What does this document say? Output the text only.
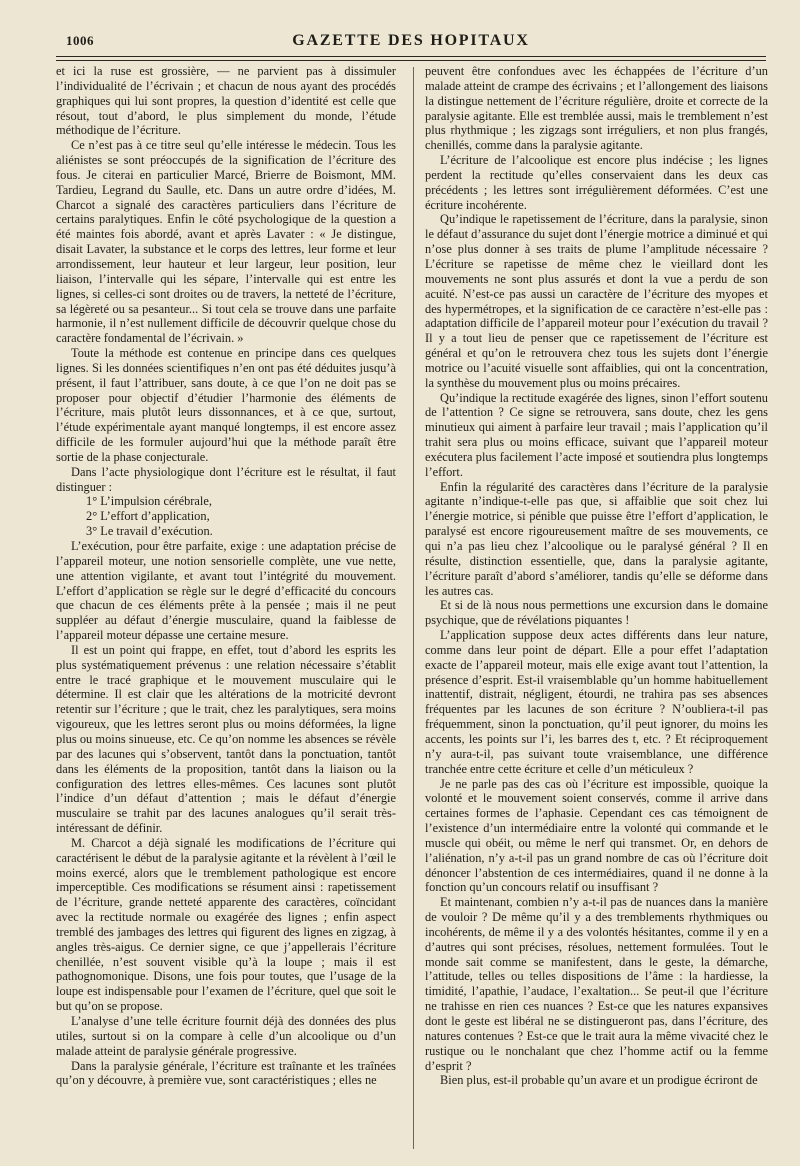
1006	GAZETTE DES HOPITAUX

et ici la ruse est grossière, — ne parvient pas à dissimuler l’individualité de l’écrivain ; et chacun de nous ayant des procédés graphiques qui lui sont propres, la question d’identité est celle que résout, tout d’abord, le plus simplement du monde, l’étude méthodique de l’écriture.

Ce n’est pas à ce titre seul qu’elle intéresse le médecin. Tous les aliénistes se sont préoccupés de la signification de l’écriture des fous. Je citerai en particulier Marcé, Brierre de Boismont, MM. Tardieu, Legrand du Saulle, etc. Dans un autre ordre d’idées, M. Charcot a signalé des caractères particuliers dans l’écriture de certains paralytiques. Enfin le côté psychologique de la question a été maintes fois abordé, avant et après Lavater : « Je distingue, disait Lavater, la substance et le corps des lettres, leur forme et leur arrondissement, leur hauteur et leur largeur, leur position, leur liaison, l’intervalle qui les sépare, l’intervalle qui est entre les lignes, si celles-ci sont droites ou de travers, la netteté de l’écriture, sa légèreté ou sa pesanteur... Si tout cela se trouve dans une parfaite harmonie, il n’est nullement difficile de découvrir quelque chose du caractère fondamental de l’écrivain. »

Toute la méthode est contenue en principe dans ces quelques lignes. Si les données scientifiques n’en ont pas été déduites jusqu’à présent, il faut l’attribuer, sans doute, à ce que l’on ne doit pas se proposer pour objectif d’étudier l’harmonie des éléments de l’écriture, mais plutôt leurs dissonnances, et à ce que, surtout, l’étude expérimentale ayant manqué longtemps, il est encore assez difficile de les formuler aujourd’hui que la méthode paraît être sortie de la phase conjecturale.

Dans l’acte physiologique dont l’écriture est le résultat, il faut distinguer :

1° L’impulsion cérébrale,

2° L’effort d’application,

3° Le travail d’exécution.

L’exécution, pour être parfaite, exige : une adaptation précise de l’appareil moteur, une notion sensorielle complète, une vue nette, une attention vigilante, et avant tout l’intégrité du mouvement. L’effort d’application se règle sur le degré d’efficacité du concours que chacun de ces éléments prête à la pensée ; mais il ne peut suppléer au défaut d’énergie musculaire, quand la faiblesse de l’appareil moteur dépasse une certaine mesure.

Il est un point qui frappe, en effet, tout d’abord les esprits les plus systématiquement prévenus : une relation nécessaire s’établit entre le tracé graphique et le mouvement musculaire qui le détermine. Il est clair que les altérations de la motricité devront retentir sur l’écriture ; que le trait, chez les paralytiques, sera moins vigoureux, que les lettres seront plus ou moins déformées, la ligne plus ou moins sinueuse, etc. Ce qu’on nomme les absences se révèle par des lacunes qui s’observent, tantôt dans la ponctuation, tantôt dans les éléments de la proposition, tantôt dans la liaison ou la configuration des lettres elles-mêmes. Ces lacunes sont plutôt l’indice d’un défaut d’attention ; mais le défaut d’énergie musculaire se trahit par des lacunes analogues qu’il serait très-intéressant de définir.

M. Charcot a déjà signalé les modifications de l’écriture qui caractérisent le début de la paralysie agitante et la révèlent à l’œil le moins exercé, alors que le tremblement pathologique est encore imperceptible. Ces modifications se résument ainsi : rapetissement de l’écriture, grande netteté apparente des caractères, coïncidant avec la rectitude normale ou exagérée des lignes ; enfin aspect tremblé des jambages des lettres qui figurent des lignes en zigzag, à angles très-aigus. Ce dernier signe, ce que j’appellerais l’écriture chenillée, n’est souvent visible qu’à la loupe ; mais il est pathognomonique. Disons, une fois pour toutes, que l’usage de la loupe est indispensable pour l’examen de l’écriture, quel que soit le but qu’on se propose.

L’analyse d’une telle écriture fournit déjà des données des plus utiles, surtout si on la compare à celle d’un alcoolique ou d’un malade atteint de paralysie générale progressive.

Dans la paralysie générale, l’écriture est traînante et les traînées qu’on y découvre, à première vue, sont caractéristiques ; elles ne

peuvent être confondues avec les échappées de l’écriture d’un malade atteint de crampe des écrivains ; et l’allongement des liaisons la distingue nettement de l’écriture régulière, droite et correcte de la paralysie agitante. Elle est tremblée aussi, mais le tremblement n’est plus rhythmique ; les zigzags sont irréguliers, et non plus frangés, chenillés, comme dans la paralysie agitante.

L’écriture de l’alcoolique est encore plus indécise ; les lignes perdent la rectitude qu’elles conservaient dans les deux cas précédents ; les lettres sont irrégulièrement déformées. C’est une écriture incohérente.

Qu’indique le rapetissement de l’écriture, dans la paralysie, sinon le défaut d’assurance du sujet dont l’énergie motrice a diminué et qui n’ose plus donner à ses traits de plume l’amplitude nécessaire ? L’écriture se rapetisse de même chez le vieillard dont les mouvements ne sont plus assurés et dont la vue a perdu de son acuité. N’est-ce pas aussi un caractère de l’écriture des myopes et des hypermétropes, et la signification de ce caractère n’est-elle pas : adaptation difficile de l’appareil moteur pour l’exécution du travail ? Il y a tout lieu de penser que ce rapetissement de l’écriture est général et qu’on le retrouvera chez tous les sujets dont l’énergie motrice ou l’acuité visuelle sont affaiblies, qui ont la concentration, la synthèse du mouvement plus ou moins précaires.

Qu’indique la rectitude exagérée des lignes, sinon l’effort soutenu de l’attention ? Ce signe se retrouvera, sans doute, chez les gens minutieux qui aiment à parfaire leur travail ; mais l’application qu’il trahit sera plus ou moins efficace, suivant que l’appareil moteur exécutera plus facilement l’acte imposé et soutiendra plus longtemps l’effort.

Enfin la régularité des caractères dans l’écriture de la paralysie agitante n’indique-t-elle pas que, si affaiblie que soit chez lui l’énergie motrice, si pénible que puisse être l’effort d’application, le paralysé est encore rigoureusement maître de ses mouvements, ce qui n’a pas lieu chez l’alcoolique ou le paralysé général ? Il en résulte, distinction essentielle, que, dans la paralysie agitante, l’écriture paraît d’abord s’améliorer, tandis qu’elle se déforme dans les autres cas.

Et si de là nous nous permettions une excursion dans le domaine psychique, que de révélations piquantes !

L’application suppose deux actes différents dans leur nature, comme dans leur point de départ. Elle a pour effet l’adaptation exacte de l’appareil moteur, mais elle exige avant tout l’attention, la présence d’esprit. Est-il vraisemblable qu’un homme habituellement inattentif, distrait, négligent, étourdi, ne trahira pas ses absences fréquentes par les lacunes de son écriture ? N’oubliera-t-il pas fréquemment, sinon la ponctuation, qu’il peut ignorer, du moins les accents, les points sur l’i, les barres des t, etc. ? Et réciproquement n’y aura-t-il, pas suivant toute vraisemblance, une différence tranchée entre cette écriture et celle d’un méticuleux ?

Je ne parle pas des cas où l’écriture est impossible, quoique la volonté et le mouvement soient conservés, comme il arrive dans certaines formes de l’aphasie. Cependant ces cas témoignent de l’existence d’un intermédiaire entre la volonté qui commande et le muscle qui obéit, ou même le nerf qui transmet. Or, en dehors de l’aliénation, n’y a-t-il pas un grand nombre de cas où l’écriture doit dénoncer l’abstention de ces intermédiaires, quand il ne donne à la fonction qu’un concours relatif ou insuffisant ?

Et maintenant, combien n’y a-t-il pas de nuances dans la manière de vouloir ? De même qu’il y a des tremblements rhythmiques ou incohérents, de même il y a des volontés hésitantes, comme il y en a d’autres qui sont précises, résolues, nettement formulées. Tout le monde sait comme se manifestent, dans le geste, la démarche, l’attitude, telles ou telles dispositions de l’âme : la hardiesse, la timidité, l’apathie, l’audace, l’exaltation... Se peut-il que l’écriture ne trahisse en rien ces nuances ? Est-ce que les natures expansives dont le geste est libéral ne se distingueront pas, dans l’écriture, des natures contenues ? Est-ce que le trait aura la même vivacité chez le rustique ou le nonchalant que chez l’homme actif ou la femme d’esprit ?

Bien plus, est-il probable qu’un avare et un prodigue écriront de
